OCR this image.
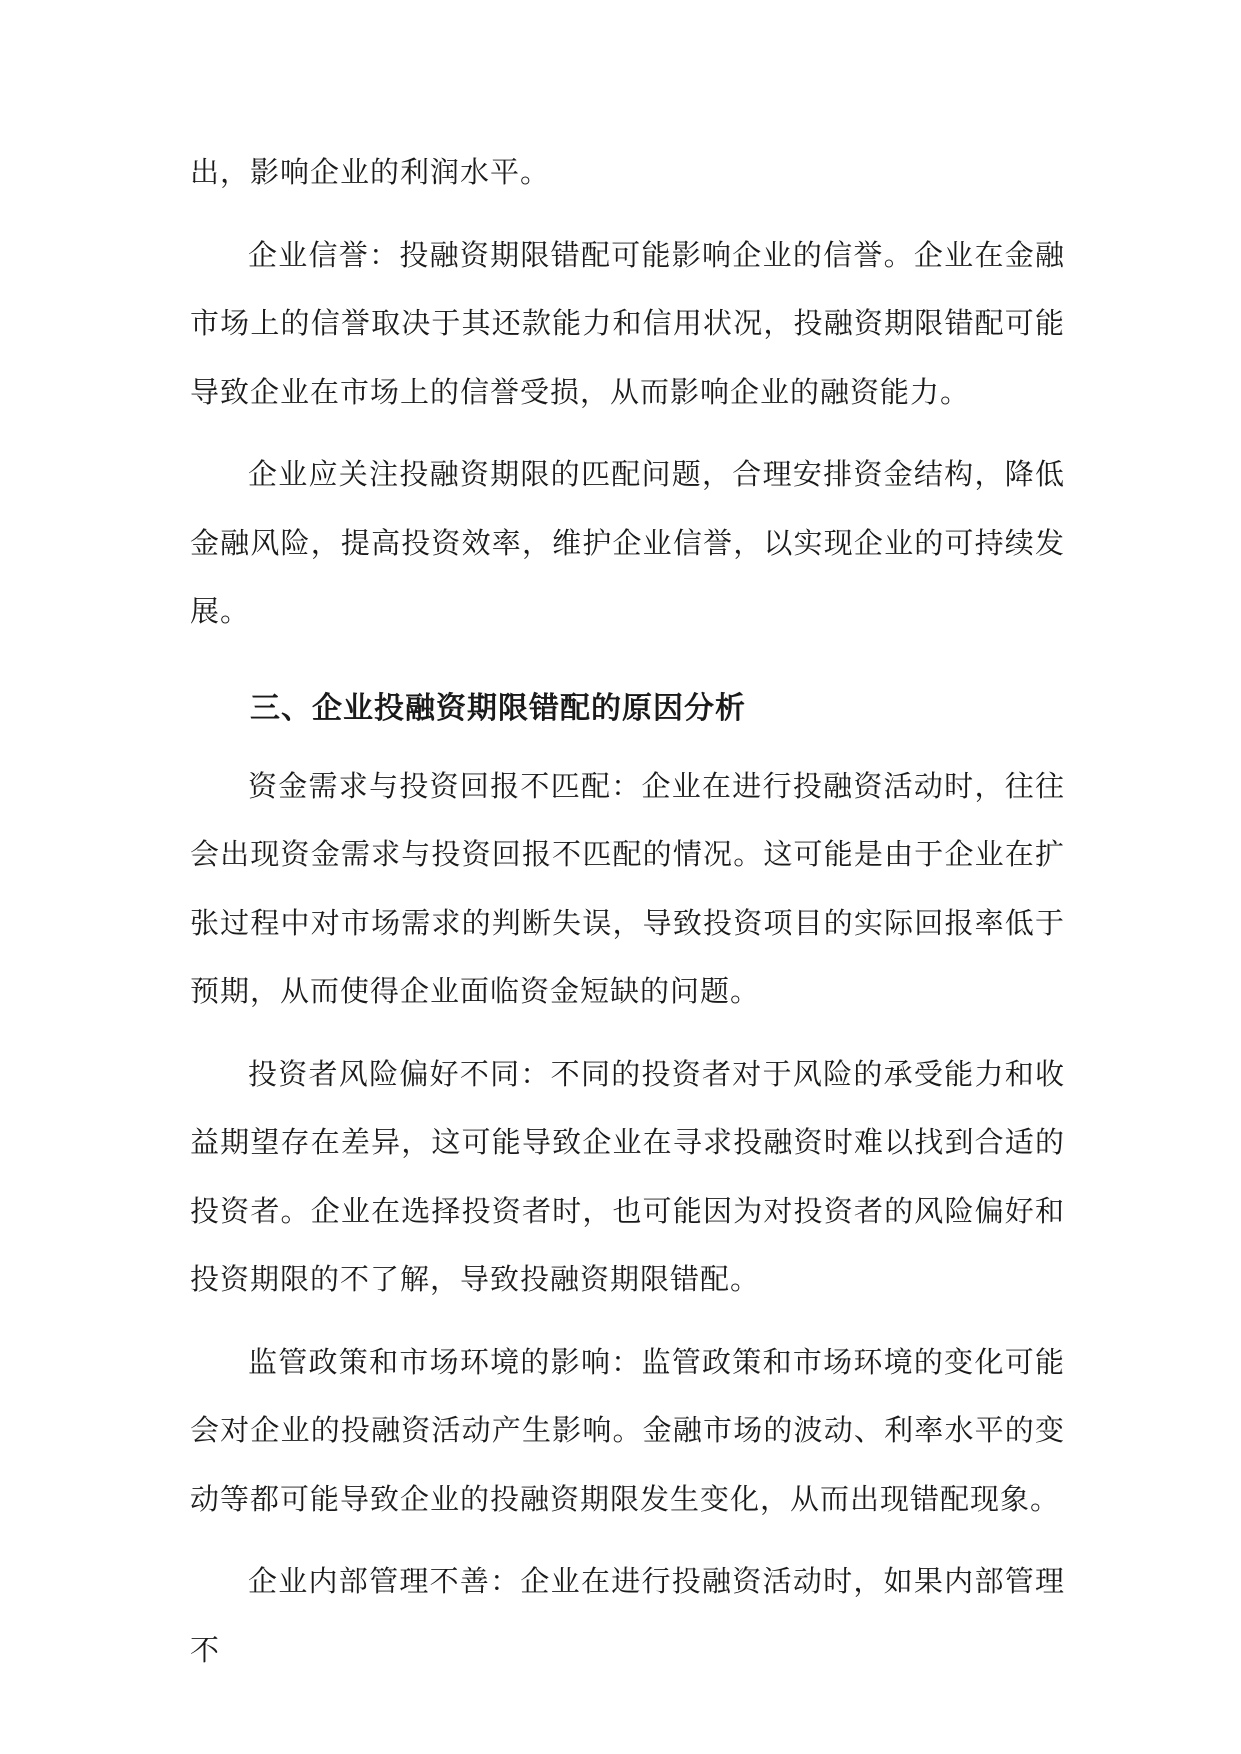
出，影响企业的利润水平。

企业信誉：投融资期限错配可能影响企业的信誉。企业在金融市场上的信誉取决于其还款能力和信用状况，投融资期限错配可能导致企业在市场上的信誉受损，从而影响企业的融资能力。

企业应关注投融资期限的匹配问题，合理安排资金结构，降低金融风险，提高投资效率，维护企业信誉，以实现企业的可持续发展。

三、企业投融资期限错配的原因分析

资金需求与投资回报不匹配：企业在进行投融资活动时，往往会出现资金需求与投资回报不匹配的情况。这可能是由于企业在扩张过程中对市场需求的判断失误，导致投资项目的实际回报率低于预期，从而使得企业面临资金短缺的问题。

投资者风险偏好不同：不同的投资者对于风险的承受能力和收益期望存在差异，这可能导致企业在寻求投融资时难以找到合适的投资者。企业在选择投资者时，也可能因为对投资者的风险偏好和投资期限的不了解，导致投融资期限错配。

监管政策和市场环境的影响：监管政策和市场环境的变化可能会对企业的投融资活动产生影响。金融市场的波动、利率水平的变动等都可能导致企业的投融资期限发生变化，从而出现错配现象。

企业内部管理不善：企业在进行投融资活动时，如果内部管理不
